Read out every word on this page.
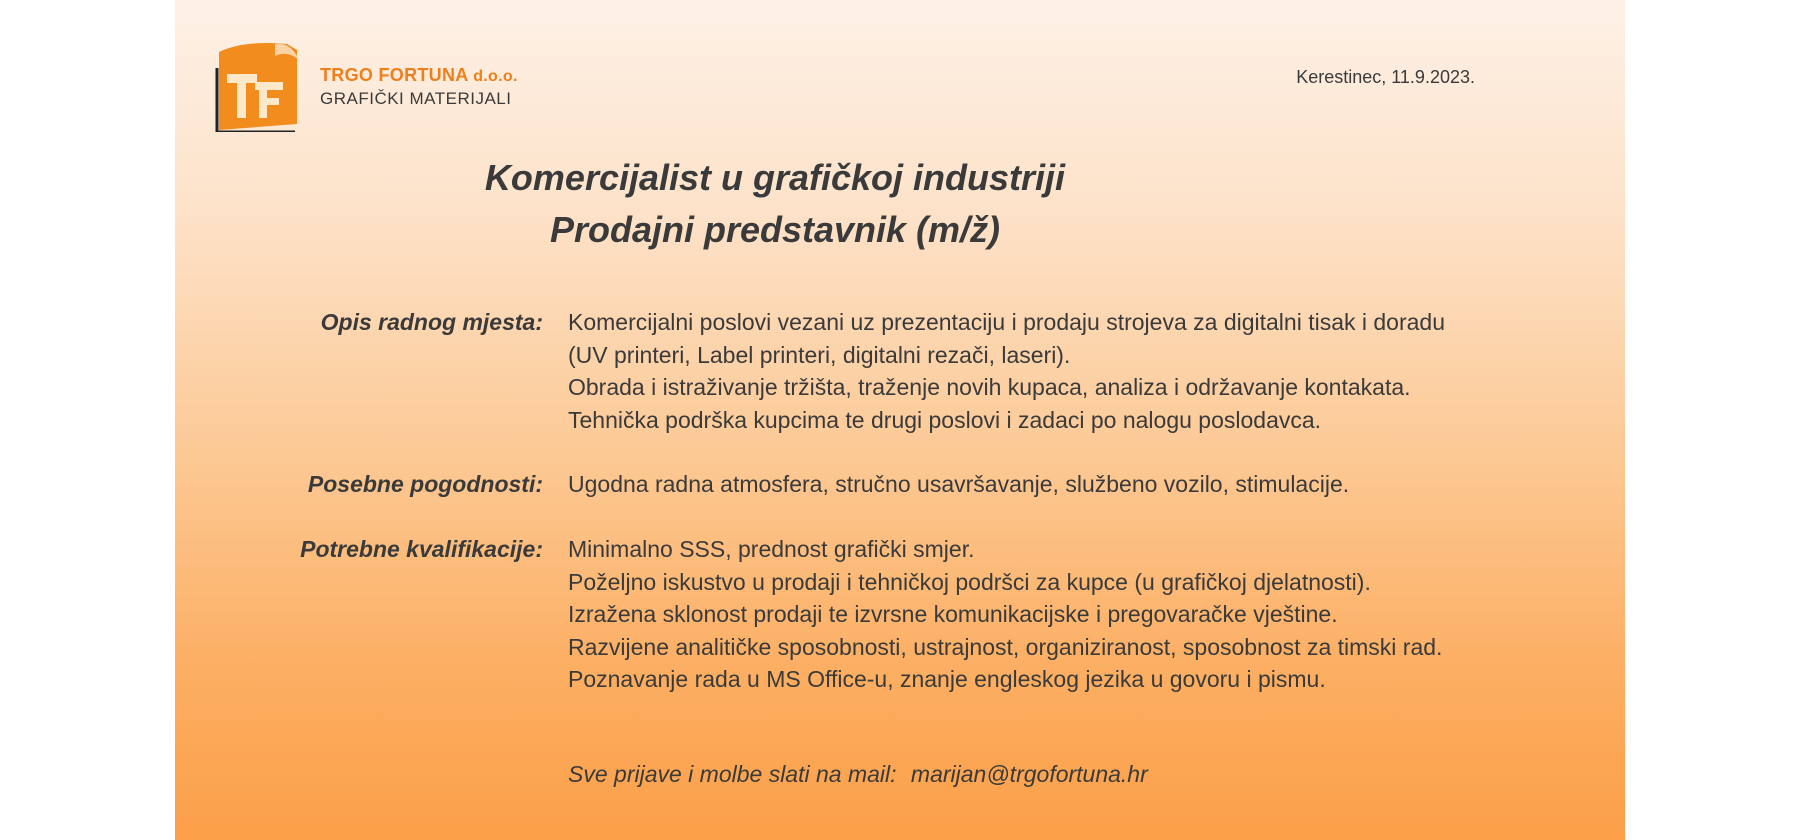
TRGO FORTUNA d.o.o.
GRAFIČKI MATERIJALI
Kerestinec, 11.9.2023.
Komercijalist u grafičkoj industriji
Prodajni predstavnik (m/ž)
Opis radnog mjesta: Komercijalni poslovi vezani uz prezentaciju i prodaju strojeva za digitalni tisak i doradu
(UV printeri, Label printeri, digitalni rezači, laseri).
Obrada i istraživanje tržišta, traženje novih kupaca, analiza i održavanje kontakata.
Tehnička podrška kupcima te drugi poslovi i zadaci po nalogu poslodavca.
Posebne pogodnosti: Ugodna radna atmosfera, stručno usavršavanje, službeno vozilo, stimulacije.
Potrebne kvalifikacije: Minimalno SSS, prednost grafički smjer.
Poželjno iskustvo u prodaji i tehničkoj podršci za kupce (u grafičkoj djelatnosti).
Izražena sklonost prodaji te izvrsne komunikacijske i pregovaračke vještine.
Razvijene analitičke sposobnosti, ustrajnost, organiziranost, sposobnost za timski rad.
Poznavanje rada u MS Office-u, znanje engleskog jezika u govoru i pismu.
Sve prijave i molbe slati na mail: marijan@trgofortuna.hr
